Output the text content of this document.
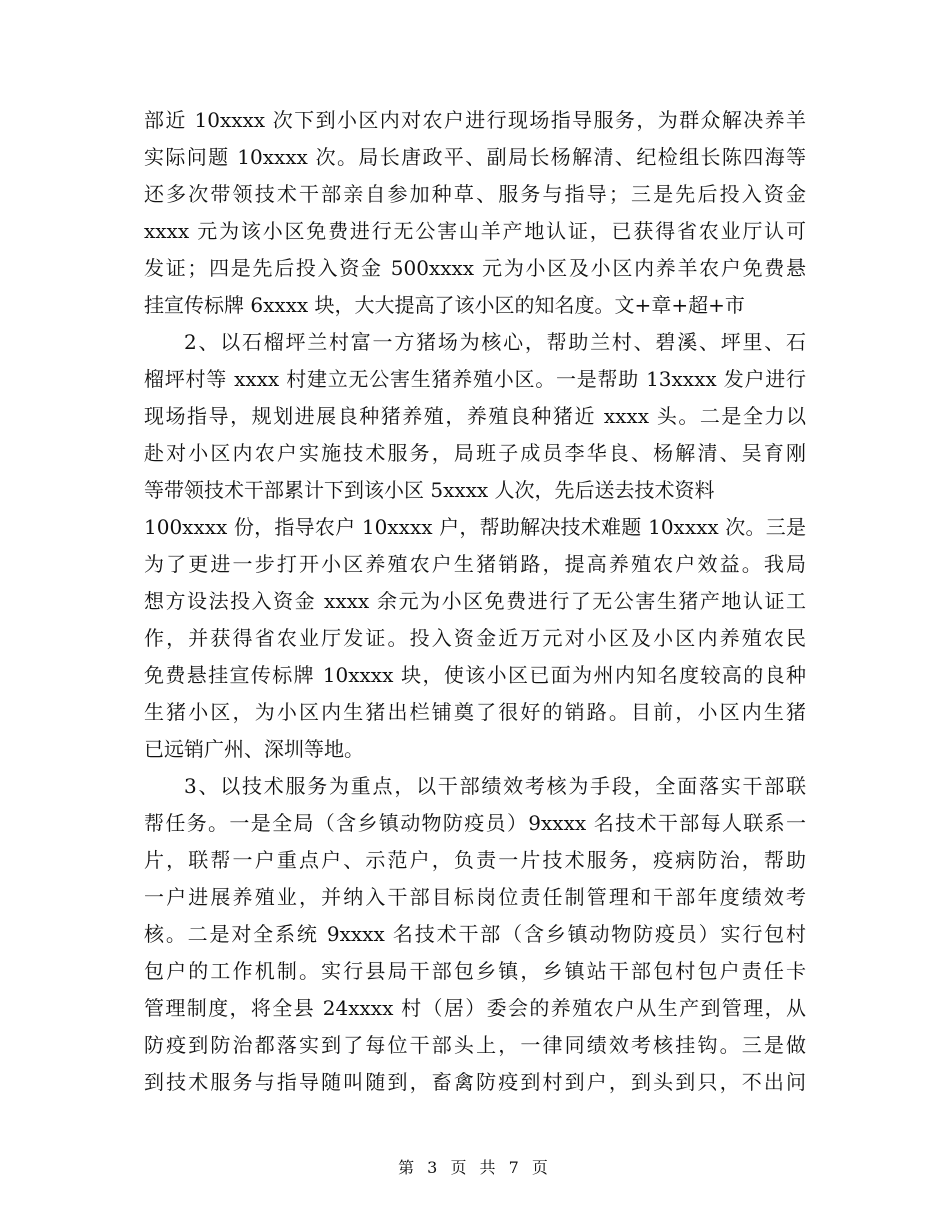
部近 10xxxx 次下到小区内对农户进行现场指导服务，为群众解决养羊
实际问题 10xxxx 次。局长唐政平、副局长杨解清、纪检组长陈四海等
还多次带领技术干部亲自参加种草、服务与指导；三是先后投入资金
xxxx 元为该小区免费进行无公害山羊产地认证，已获得省农业厅认可
发证；四是先后投入资金 500xxxx 元为小区及小区内养羊农户免费悬
挂宣传标牌 6xxxx 块，大大提高了该小区的知名度。文+章+超+市
2、以石榴坪兰村富一方猪场为核心，帮助兰村、碧溪、坪里、石
榴坪村等 xxxx 村建立无公害生猪养殖小区。一是帮助 13xxxx 发户进行
现场指导，规划进展良种猪养殖，养殖良种猪近 xxxx 头。二是全力以
赴对小区内农户实施技术服务，局班子成员李华良、杨解清、吴育刚
等带领技术干部累计下到该小区 5xxxx 人次，先后送去技术资料
100xxxx 份，指导农户 10xxxx 户，帮助解决技术难题 10xxxx 次。三是
为了更进一步打开小区养殖农户生猪销路，提高养殖农户效益。我局
想方设法投入资金 xxxx 余元为小区免费进行了无公害生猪产地认证工
作，并获得省农业厅发证。投入资金近万元对小区及小区内养殖农民
免费悬挂宣传标牌 10xxxx 块，使该小区已面为州内知名度较高的良种
生猪小区，为小区内生猪出栏铺奠了很好的销路。目前，小区内生猪
已远销广州、深圳等地。
3、以技术服务为重点，以干部绩效考核为手段，全面落实干部联
帮任务。一是全局（含乡镇动物防疫员）9xxxx 名技术干部每人联系一
片，联帮一户重点户、示范户，负责一片技术服务，疫病防治，帮助
一户进展养殖业，并纳入干部目标岗位责任制管理和干部年度绩效考
核。二是对全系统 9xxxx 名技术干部（含乡镇动物防疫员）实行包村
包户的工作机制。实行县局干部包乡镇，乡镇站干部包村包户责任卡
管理制度，将全县 24xxxx 村（居）委会的养殖农户从生产到管理，从
防疫到防治都落实到了每位干部头上，一律同绩效考核挂钩。三是做
到技术服务与指导随叫随到，畜禽防疫到村到户，到头到只，不出问
第 3 页 共 7 页
